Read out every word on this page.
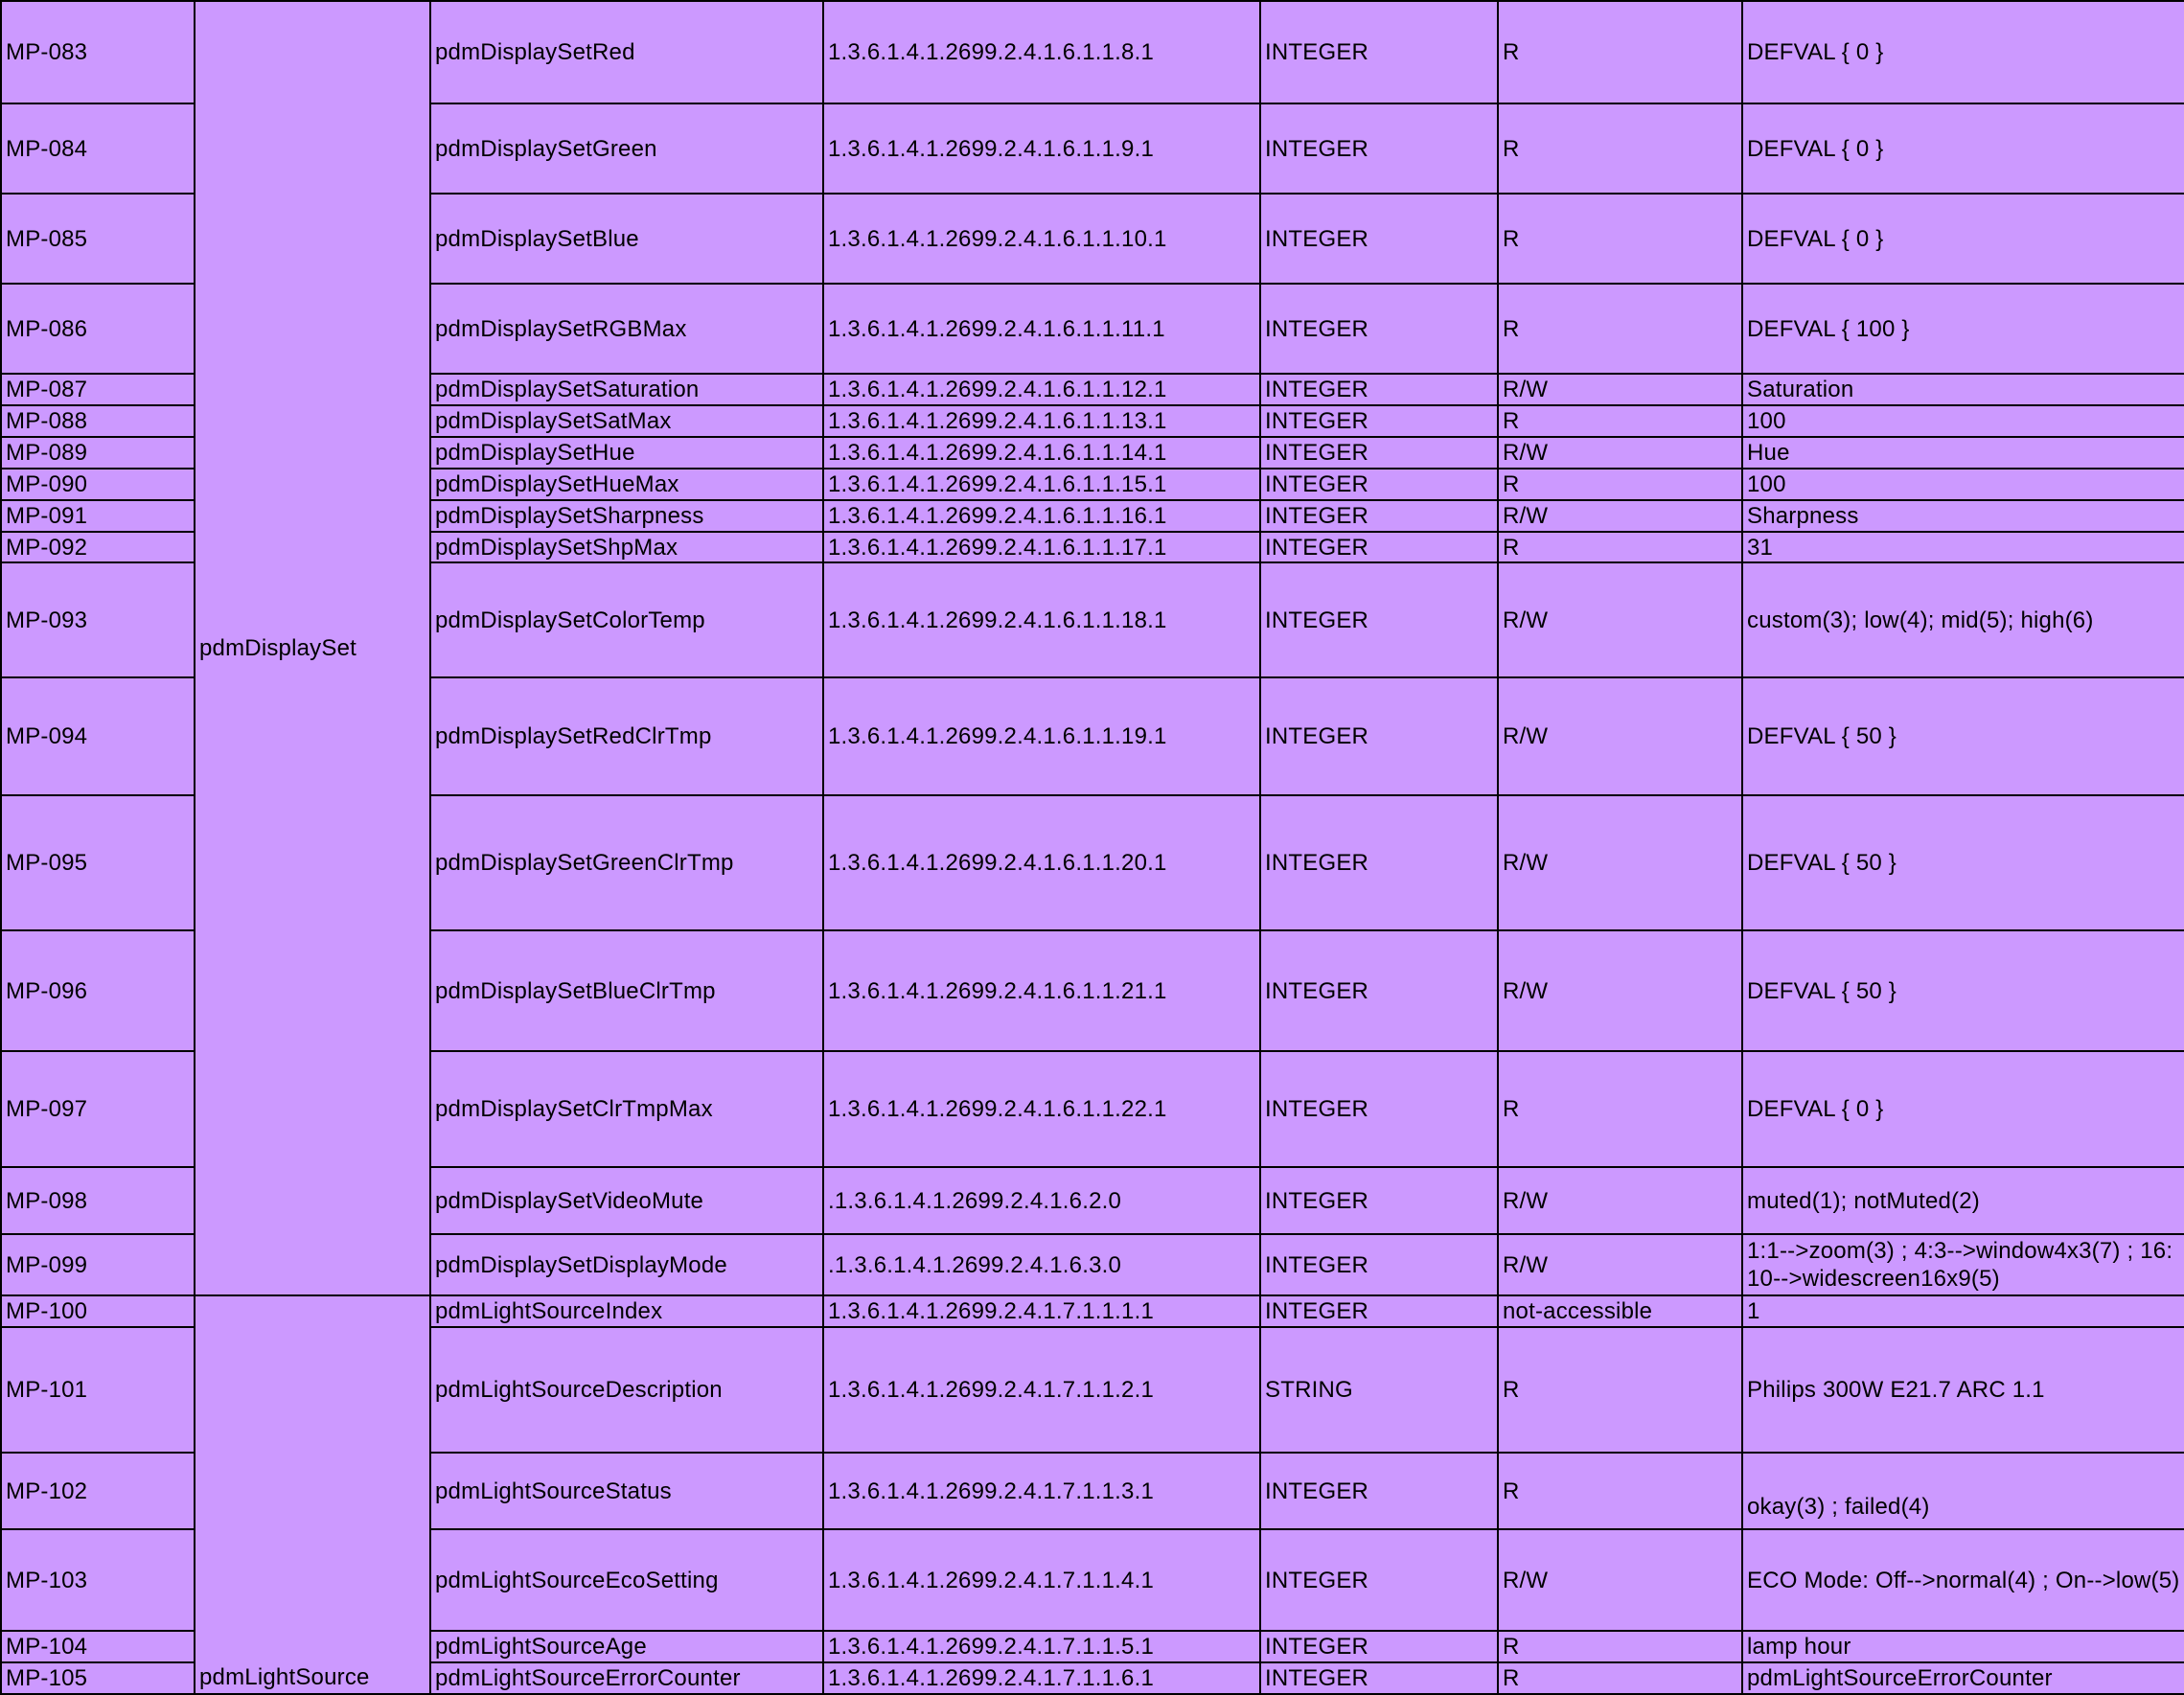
MP-083	pdmDisplaySet	pdmDisplaySetRed	1.3.6.1.4.1.2699.2.4.1.6.1.1.8.1	INTEGER	R	DEFVAL { 0 }
MP-084		pdmDisplaySetGreen	1.3.6.1.4.1.2699.2.4.1.6.1.1.9.1	INTEGER	R	DEFVAL { 0 }
MP-085		pdmDisplaySetBlue	1.3.6.1.4.1.2699.2.4.1.6.1.1.10.1	INTEGER	R	DEFVAL { 0 }
MP-086		pdmDisplaySetRGBMax	1.3.6.1.4.1.2699.2.4.1.6.1.1.11.1	INTEGER	R	DEFVAL { 100 }
MP-087		pdmDisplaySetSaturation	1.3.6.1.4.1.2699.2.4.1.6.1.1.12.1	INTEGER	R/W	Saturation
MP-088		pdmDisplaySetSatMax	1.3.6.1.4.1.2699.2.4.1.6.1.1.13.1	INTEGER	R	100
MP-089		pdmDisplaySetHue	1.3.6.1.4.1.2699.2.4.1.6.1.1.14.1	INTEGER	R/W	Hue
MP-090		pdmDisplaySetHueMax	1.3.6.1.4.1.2699.2.4.1.6.1.1.15.1	INTEGER	R	100
MP-091		pdmDisplaySetSharpness	1.3.6.1.4.1.2699.2.4.1.6.1.1.16.1	INTEGER	R/W	Sharpness
MP-092		pdmDisplaySetShpMax	1.3.6.1.4.1.2699.2.4.1.6.1.1.17.1	INTEGER	R	31
MP-093		pdmDisplaySetColorTemp	1.3.6.1.4.1.2699.2.4.1.6.1.1.18.1	INTEGER	R/W	custom(3); low(4); mid(5); high(6)
MP-094		pdmDisplaySetRedClrTmp	1.3.6.1.4.1.2699.2.4.1.6.1.1.19.1	INTEGER	R/W	DEFVAL { 50 }
MP-095		pdmDisplaySetGreenClrTmp	1.3.6.1.4.1.2699.2.4.1.6.1.1.20.1	INTEGER	R/W	DEFVAL { 50 }
MP-096		pdmDisplaySetBlueClrTmp	1.3.6.1.4.1.2699.2.4.1.6.1.1.21.1	INTEGER	R/W	DEFVAL { 50 }
MP-097		pdmDisplaySetClrTmpMax	1.3.6.1.4.1.2699.2.4.1.6.1.1.22.1	INTEGER	R	DEFVAL { 0 }
MP-098		pdmDisplaySetVideoMute	.1.3.6.1.4.1.2699.2.4.1.6.2.0	INTEGER	R/W	muted(1); notMuted(2)
MP-099		pdmDisplaySetDisplayMode	.1.3.6.1.4.1.2699.2.4.1.6.3.0	INTEGER	R/W	1:1-->zoom(3) ; 4:3-->window4x3(7) ; 16:10-->widescreen16x9(5)
MP-100	pdmLightSource	pdmLightSourceIndex	1.3.6.1.4.1.2699.2.4.1.7.1.1.1.1	INTEGER	not-accessible	1
MP-101		pdmLightSourceDescription	1.3.6.1.4.1.2699.2.4.1.7.1.1.2.1	STRING	R	Philips 300W E21.7 ARC 1.1
MP-102		pdmLightSourceStatus	1.3.6.1.4.1.2699.2.4.1.7.1.1.3.1	INTEGER	R	okay(3) ; failed(4)
MP-103		pdmLightSourceEcoSetting	1.3.6.1.4.1.2699.2.4.1.7.1.1.4.1	INTEGER	R/W	ECO Mode: Off-->normal(4) ; On-->low(5)
MP-104		pdmLightSourceAge	1.3.6.1.4.1.2699.2.4.1.7.1.1.5.1	INTEGER	R	lamp hour
MP-105		pdmLightSourceErrorCounter	1.3.6.1.4.1.2699.2.4.1.7.1.1.6.1	INTEGER	R	pdmLightSourceErrorCounter
